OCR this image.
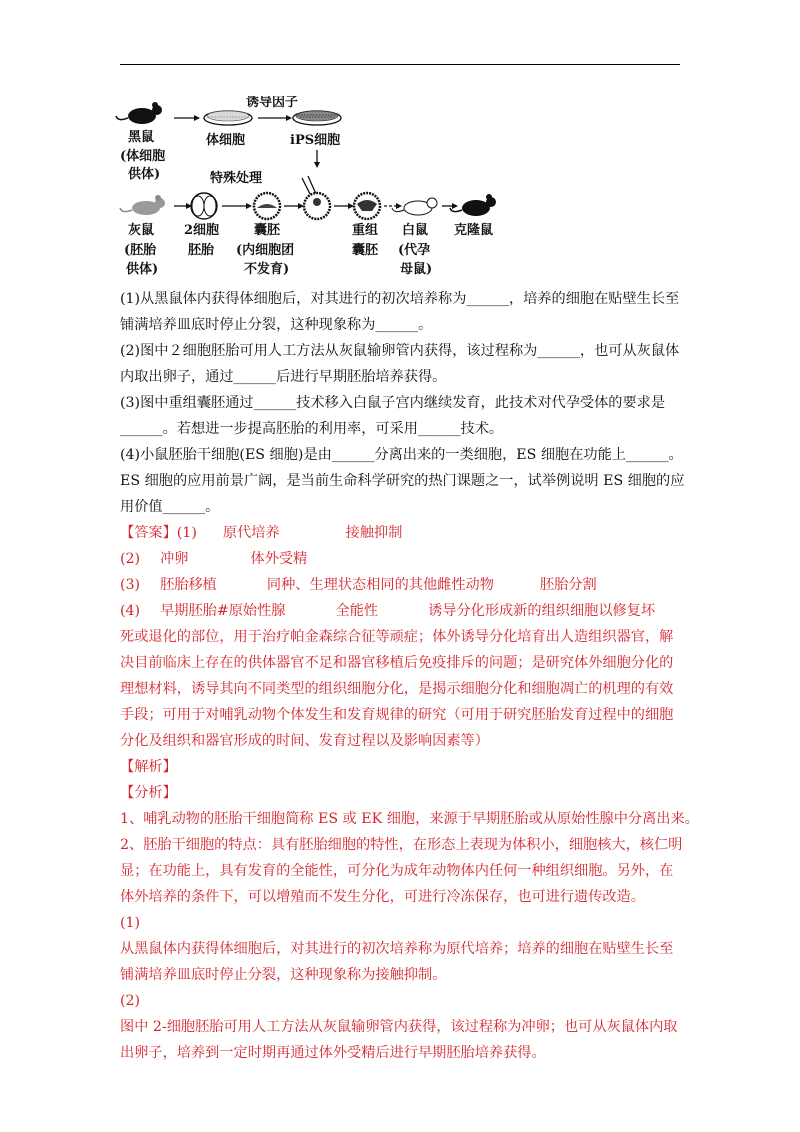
黑鼠
(体细胞
供体)
体细胞
诱导因子
iPS细胞
灰鼠
(胚胎
供体)
2细胞
胚胎
特殊处理
囊胚
(内细胞团
不发育)
重组
囊胚
白鼠
(代孕
母鼠)
克隆鼠
(1)从黑鼠体内获得体细胞后，对其进行的初次培养称为______，培养的细胞在贴壁生长至
铺满培养皿底时停止分裂，这种现象称为______。
(2)图中２细胞胚胎可用人工方法从灰鼠输卵管内获得，该过程称为______，也可从灰鼠体
内取出卵子，通过______后进行早期胚胎培养获得。
(3)图中重组囊胚通过______技术移入白鼠子宫内继续发育，此技术对代孕受体的要求是
______。若想进一步提高胚胎的利用率，可采用______技术。
(4)小鼠胚胎干细胞(ES 细胞)是由______分离出来的一类细胞，ES 细胞在功能上______。
ES 细胞的应用前景广阔，是当前生命科学研究的热门课题之一，试举例说明 ES 细胞的应
用价值______。
【答案】(1) 原代培养	接触抑制
(2) 冲卵	体外受精
(3) 胚胎移植	同种、生理状态相同的其他雌性动物	胚胎分割
(4) 早期胚胎#原始性腺	全能性	诱导分化形成新的组织细胞以修复坏
死或退化的部位，用于治疗帕金森综合征等顽症；体外诱导分化培育出人造组织器官，解
决目前临床上存在的供体器官不足和器官移植后免疫排斥的问题；是研究体外细胞分化的
理想材料，诱导其向不同类型的组织细胞分化，是揭示细胞分化和细胞凋亡的机理的有效
手段；可用于对哺乳动物个体发生和发育规律的研究（可用于研究胚胎发育过程中的细胞
分化及组织和器官形成的时间、发育过程以及影响因素等）
【解析】
【分析】
1、哺乳动物的胚胎干细胞简称 ES 或 EK 细胞，来源于早期胚胎或从原始性腺中分离出来。
2、胚胎干细胞的特点：具有胚胎细胞的特性，在形态上表现为体积小，细胞核大，核仁明
显；在功能上，具有发育的全能性，可分化为成年动物体内任何一种组织细胞。另外，在
体外培养的条件下，可以增殖而不发生分化，可进行冷冻保存，也可进行遗传改造。
(1)
从黑鼠体内获得体细胞后，对其进行的初次培养称为原代培养；培养的细胞在贴壁生长至
铺满培养皿底时停止分裂，这种现象称为接触抑制。
(2)
图中 2-细胞胚胎可用人工方法从灰鼠输卵管内获得，该过程称为冲卵；也可从灰鼠体内取
出卵子，培养到一定时期再通过体外受精后进行早期胚胎培养获得。
